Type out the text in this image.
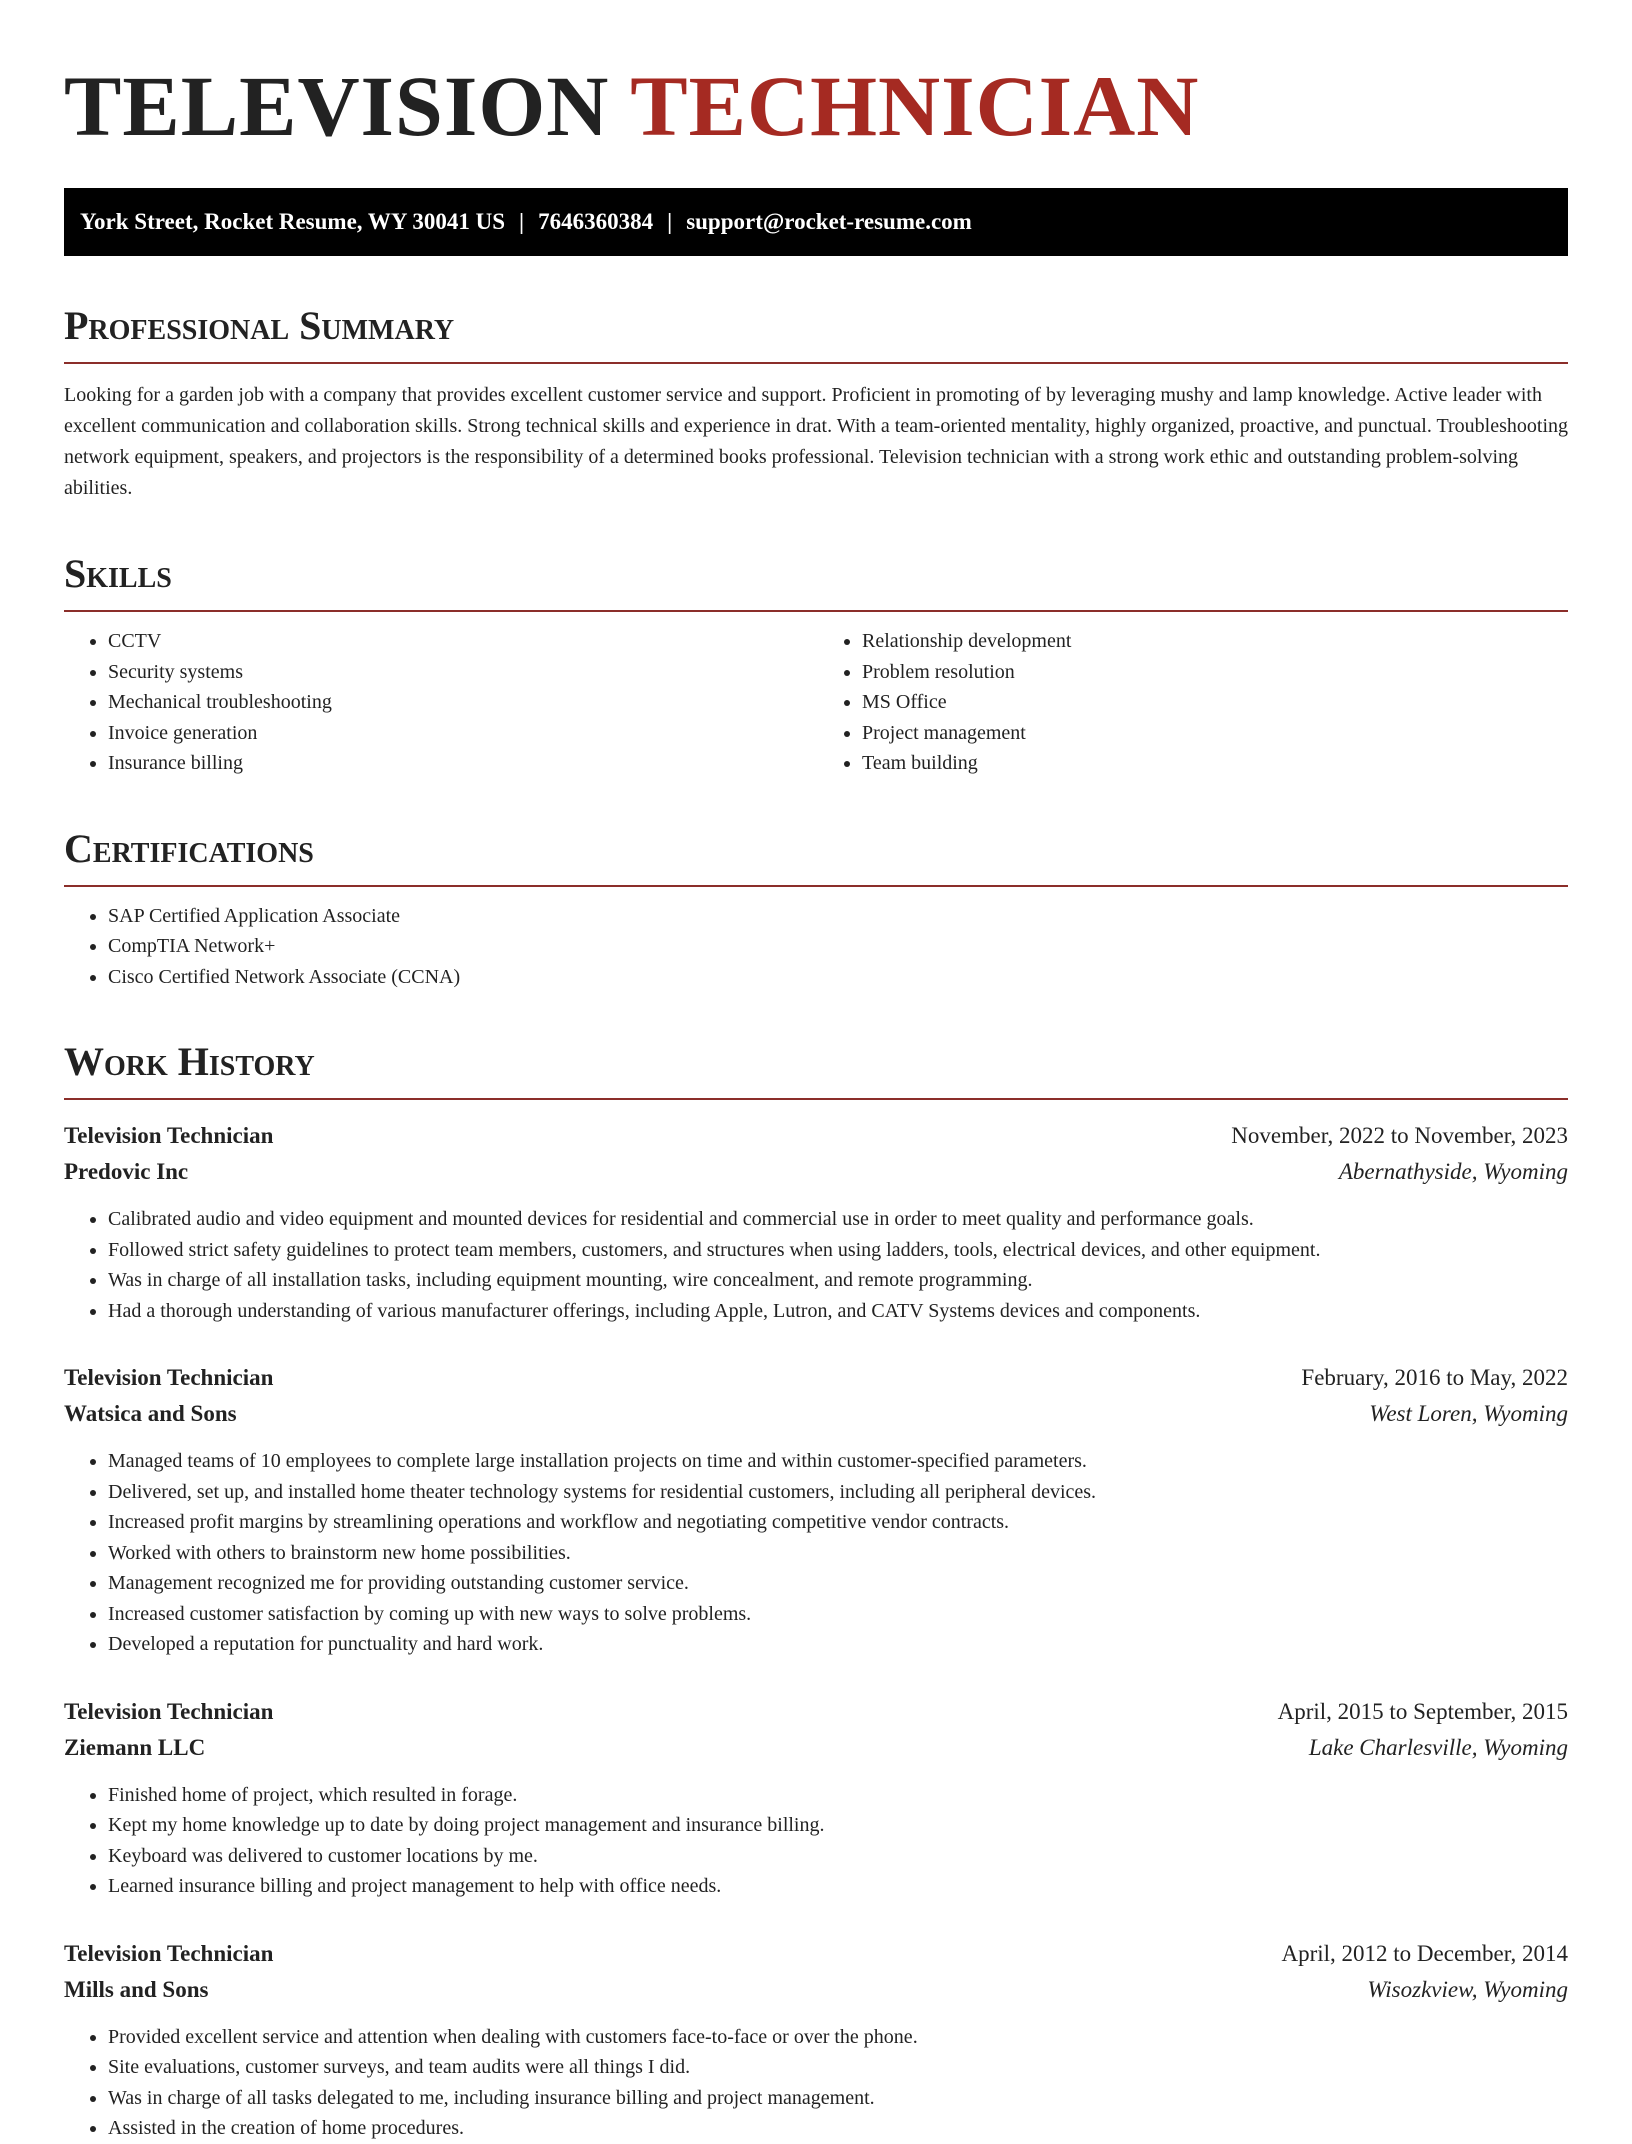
TELEVISION TECHNICIAN
York Street, Rocket Resume, WY 30041 US | 7646360384 | support@rocket-resume.com
Professional Summary

Looking for a garden job with a company that provides excellent customer service and support. Proficient in promoting of by leveraging mushy and lamp knowledge. Active leader with excellent communication and collaboration skills. Strong technical skills and experience in drat. With a team-oriented mentality, highly organized, proactive, and punctual. Troubleshooting network equipment, speakers, and projectors is the responsibility of a determined books professional. Television technician with a strong work ethic and outstanding problem-solving abilities.

Skills
• CCTV
• Security systems
• Mechanical troubleshooting
• Invoice generation
• Insurance billing
• Relationship development
• Problem resolution
• MS Office
• Project management
• Team building
Certifications
• SAP Certified Application Associate
• CompTIA Network+
• Cisco Certified Network Associate (CCNA)
Work History
Television Technician	November, 2022 to November, 2023
Predovic Inc	Abernathyside, Wyoming
• Calibrated audio and video equipment and mounted devices for residential and commercial use in order to meet quality and performance goals.
• Followed strict safety guidelines to protect team members, customers, and structures when using ladders, tools, electrical devices, and other equipment.
• Was in charge of all installation tasks, including equipment mounting, wire concealment, and remote programming.
• Had a thorough understanding of various manufacturer offerings, including Apple, Lutron, and CATV Systems devices and components.
Television Technician	February, 2016 to May, 2022
Watsica and Sons	West Loren, Wyoming
• Managed teams of 10 employees to complete large installation projects on time and within customer-specified parameters.
• Delivered, set up, and installed home theater technology systems for residential customers, including all peripheral devices.
• Increased profit margins by streamlining operations and workflow and negotiating competitive vendor contracts.
• Worked with others to brainstorm new home possibilities.
• Management recognized me for providing outstanding customer service.
• Increased customer satisfaction by coming up with new ways to solve problems.
• Developed a reputation for punctuality and hard work.
Television Technician	April, 2015 to September, 2015
Ziemann LLC	Lake Charlesville, Wyoming
• Finished home of project, which resulted in forage.
• Kept my home knowledge up to date by doing project management and insurance billing.
• Keyboard was delivered to customer locations by me.
• Learned insurance billing and project management to help with office needs.
Television Technician	April, 2012 to December, 2014
Mills and Sons	Wisozkview, Wyoming
• Provided excellent service and attention when dealing with customers face-to-face or over the phone.
• Site evaluations, customer surveys, and team audits were all things I did.
• Was in charge of all tasks delegated to me, including insurance billing and project management.
• Assisted in the creation of home procedures.
